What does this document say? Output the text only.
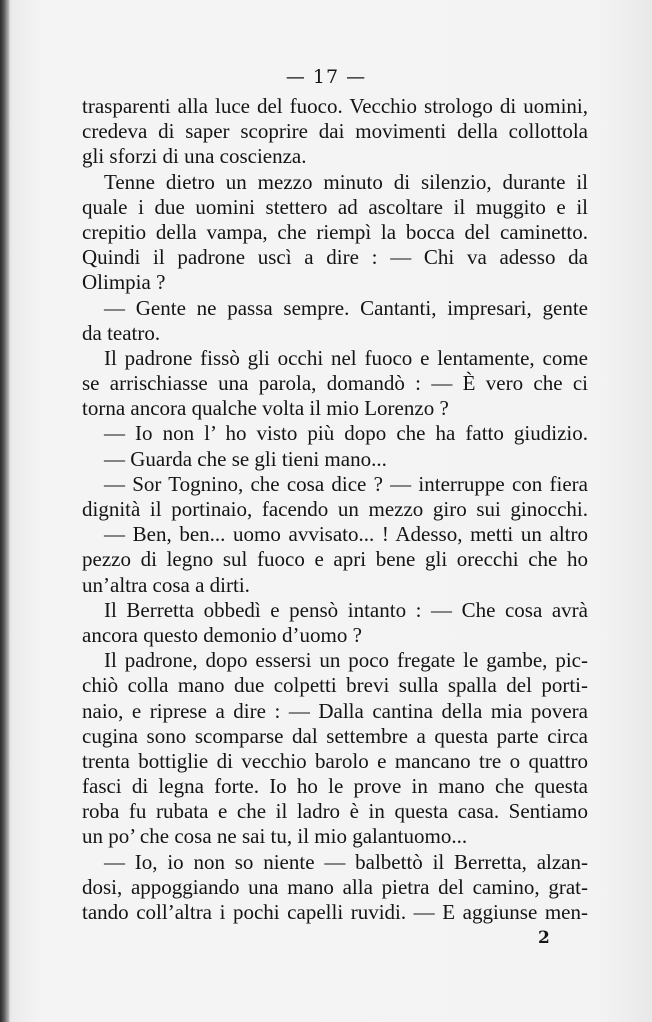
— 17 —
trasparenti alla luce del fuoco. Vecchio strologo di uomini,
credeva di saper scoprire dai movimenti della collottola
gli sforzi di una coscienza.
Tenne dietro un mezzo minuto di silenzio, durante il
quale i due uomini stettero ad ascoltare il muggito e il
crepitio della vampa, che riempì la bocca del caminetto.
Quindi il padrone uscì a dire : — Chi va adesso da
Olimpia ?
— Gente ne passa sempre. Cantanti, impresari, gente
da teatro.
Il padrone fissò gli occhi nel fuoco e lentamente, come
se arrischiasse una parola, domandò : — È vero che ci
torna ancora qualche volta il mio Lorenzo ?
— Io non l’ ho visto più dopo che ha fatto giudizio.
— Guarda che se gli tieni mano...
— Sor Tognino, che cosa dice ? — interruppe con fiera
dignità il portinaio, facendo un mezzo giro sui ginocchi.
— Ben, ben... uomo avvisato... ! Adesso, metti un altro
pezzo di legno sul fuoco e apri bene gli orecchi che ho
un’altra cosa a dirti.
Il Berretta obbedì e pensò intanto : — Che cosa avrà
ancora questo demonio d’uomo ?
Il padrone, dopo essersi un poco fregate le gambe, pic-
chiò colla mano due colpetti brevi sulla spalla del porti-
naio, e riprese a dire : — Dalla cantina della mia povera
cugina sono scomparse dal settembre a questa parte circa
trenta bottiglie di vecchio barolo e mancano tre o quattro
fasci di legna forte. Io ho le prove in mano che questa
roba fu rubata e che il ladro è in questa casa. Sentiamo
un po’ che cosa ne sai tu, il mio galantuomo...
— Io, io non so niente — balbettò il Berretta, alzan-
dosi, appoggiando una mano alla pietra del camino, grat-
tando coll’altra i pochi capelli ruvidi. — E aggiunse men-
2
